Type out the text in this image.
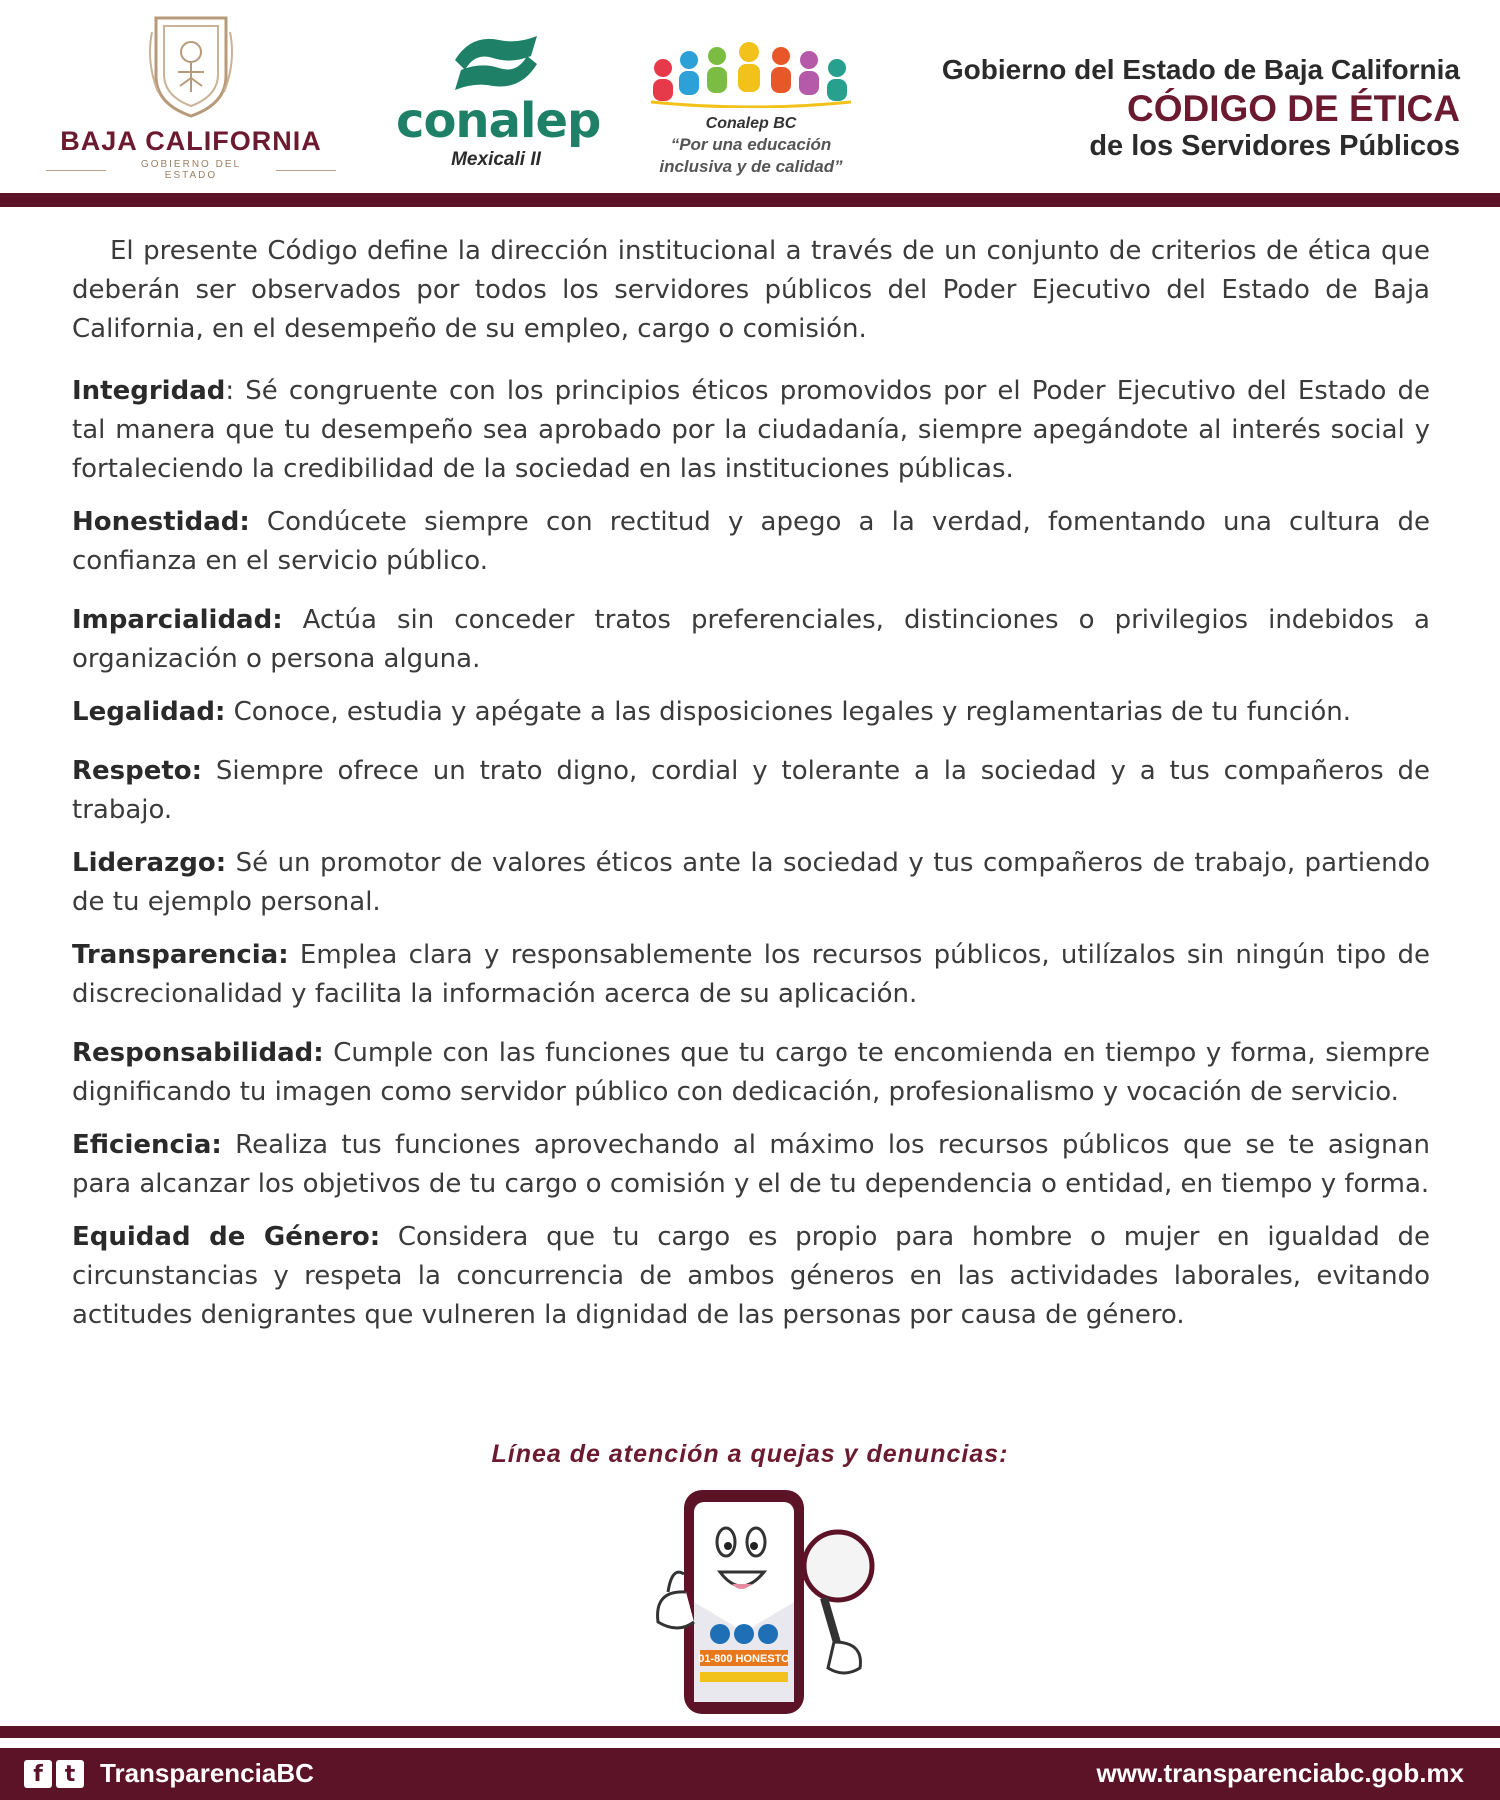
BAJA CALIFORNIA
GOBIERNO DEL ESTADO
conalep
Mexicali II
Conalep BC
“Por una educación
inclusiva y de calidad”
Gobierno del Estado de Baja California
CÓDIGO DE ÉTICA
de los Servidores Públicos

El presente Código define la dirección institucional a través de un conjunto de criterios de ética que deberán ser observados por todos los servidores públicos del Poder Ejecutivo del Estado de Baja California, en el desempeño de su empleo, cargo o comisión.

Integridad: Sé congruente con los principios éticos promovidos por el Poder Ejecutivo del Estado de tal manera que tu desempeño sea aprobado por la ciudadanía, siempre apegándote al interés social y fortaleciendo la credibilidad de la sociedad en las instituciones públicas.

Honestidad: Condúcete siempre con rectitud y apego a la verdad, fomentando una cultura de confianza en el servicio público.

Imparcialidad: Actúa sin conceder tratos preferenciales, distinciones o privilegios indebidos a organización o persona alguna.

Legalidad: Conoce, estudia y apégate a las disposiciones legales y reglamentarias de tu función.

Respeto: Siempre ofrece un trato digno, cordial y tolerante a la sociedad y a tus compañeros de trabajo.

Liderazgo: Sé un promotor de valores éticos ante la sociedad y tus compañeros de trabajo, partiendo de tu ejemplo personal.

Transparencia: Emplea clara y responsablemente los recursos públicos, utilízalos sin ningún tipo de discrecionalidad y facilita la información acerca de su aplicación.

Responsabilidad: Cumple con las funciones que tu cargo te encomienda en tiempo y forma, siempre dignificando tu imagen como servidor público con dedicación, profesionalismo y vocación de servicio.

Eficiencia: Realiza tus funciones aprovechando al máximo los recursos públicos que se te asignan para alcanzar los objetivos de tu cargo o comisión y el de tu dependencia o entidad, en tiempo y forma.

Equidad de Género: Considera que tu cargo es propio para hombre o mujer en igualdad de circunstancias y respeta la concurrencia de ambos géneros en las actividades laborales, evitando actitudes denigrantes que vulneren la dignidad de las personas por causa de género.

Línea de atención a quejas y denuncias:
01-800 HONESTO
f t TransparenciaBC	www.transparenciabc.gob.mx
